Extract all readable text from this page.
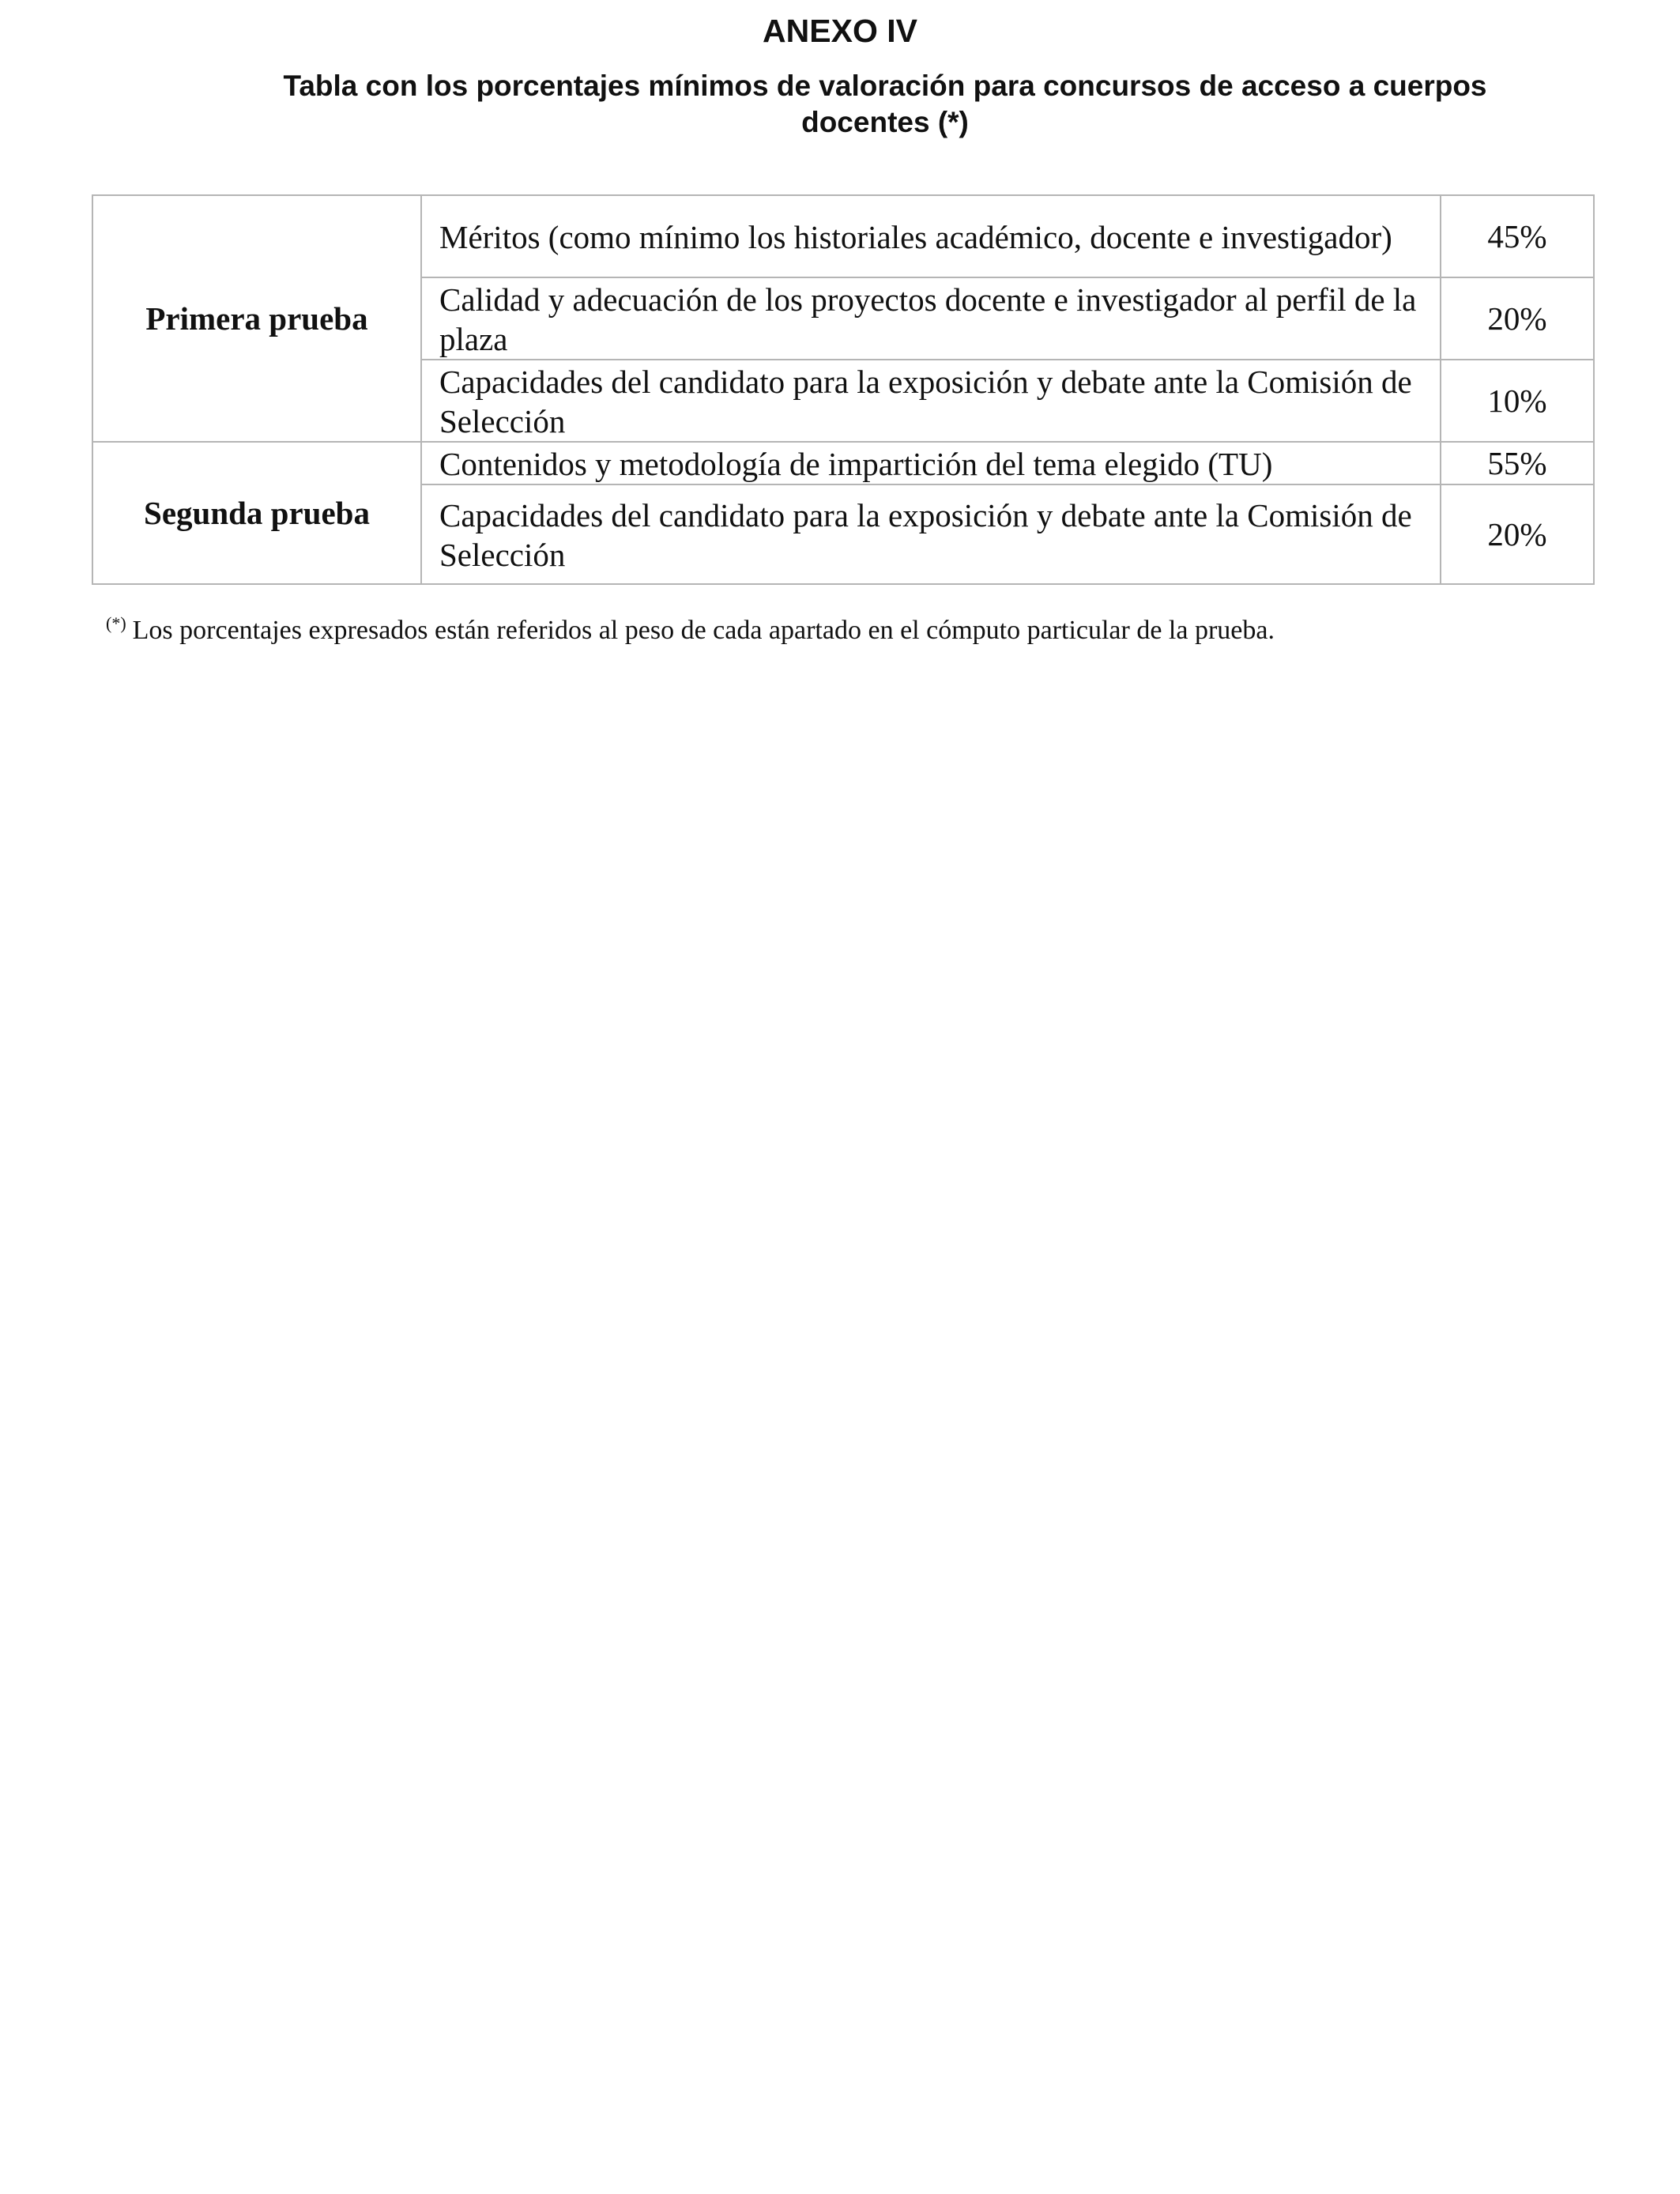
ANEXO IV
Tabla con los porcentajes mínimos de valoración para concursos de acceso a cuerpos docentes (*)
Primera prueba	Méritos (como mínimo los historiales académico, docente e investigador)	45%
	Calidad y adecuación de los proyectos docente e investigador al perfil de la plaza	20%
	Capacidades del candidato para la exposición y debate ante la Comisión de Selección	10%
Segunda prueba	Contenidos y metodología de impartición del tema elegido (TU)	55%
	Capacidades del candidato para la exposición y debate ante la Comisión de Selección	20%
(*) Los porcentajes expresados están referidos al peso de cada apartado en el cómputo particular de la prueba.
